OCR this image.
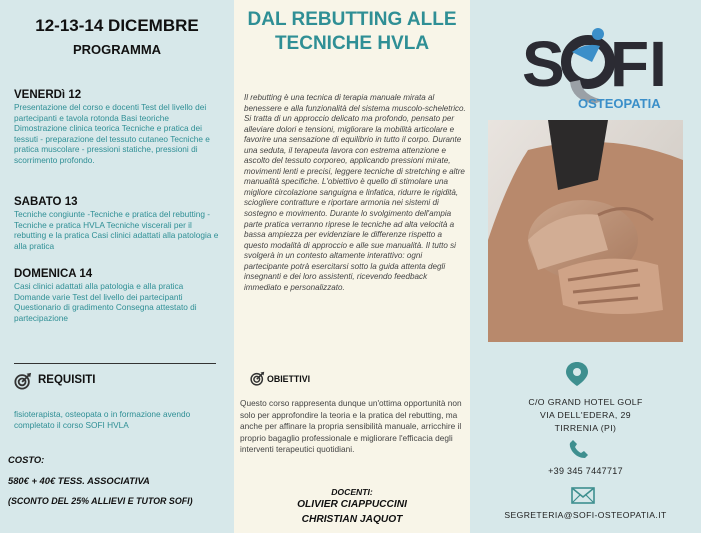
12-13-14 DICEMBRE
PROGRAMMA
VENERDì 12
Presentazione del corso e docenti Test del livello dei partecipanti e tavola rotonda Basi teoriche Dimostrazione clinica teorica Tecniche e pratica dei tessuti - preparazione del tessuto cutaneo Tecniche e pratica muscolare - pressioni statiche, pressioni di scorrimento profondo.
SABATO 13
Tecniche congiunte -Tecniche e pratica del rebutting - Tecniche e pratica HVLA Tecniche viscerali per il rebutting e la pratica Casi clinici adattati alla patologia e alla pratica
DOMENICA 14
Casi clinici adattati alla patologia e alla pratica Domande varie Test del livello dei partecipanti Questionario di gradimento Consegna attestato di partecipazione
REQUISITI
fisioterapista, osteopata o in formazione avendo completato il corso SOFI HVLA
COSTO:
580€ + 40€ TESS. ASSOCIATIVA
(SCONTO DEL 25% ALLIEVI E TUTOR SOFI)
DAL REBUTTING ALLE TECNICHE HVLA
Il rebutting è una tecnica di terapia manuale mirata al benessere e alla funzionalità del sistema muscolo-scheletrico. Si tratta di un approccio delicato ma profondo, pensato per alleviare dolori e tensioni, migliorare la mobilità articolare e favorire una sensazione di equilibrio in tutto il corpo. Durante una seduta, il terapeuta lavora con estrema attenzione e ascolto del tessuto corporeo, applicando pressioni mirate, movimenti lenti e precisi, leggere tecniche di stretching e altre manualità specifiche. L'obiettivo è quello di stimolare una migliore circolazione sanguigna e linfatica, ridurre le rigidità, sciogliere contratture e riportare armonia nei sistemi di sostegno e movimento. Durante lo svolgimento dell'ampia parte pratica verranno riprese le tecniche ad alta velocità a bassa ampiezza per evidenziare le differenze rispetto a questo modalità di approccio e alle sue manualità. Il tutto si svolgerà in un contesto altamente interattivo: ogni partecipante potrà esercitarsi sotto la guida attenta degli insegnanti e dei loro assistenti, ricevendo feedback immediato e personalizzato.
OBIETTIVI
Questo corso rappresenta dunque un'ottima opportunità non solo per approfondire la teoria e la pratica del rebutting, ma anche per affinare la propria sensibilità manuale, arricchire il proprio bagaglio professionale e migliorare l'efficacia degli interventi terapeutici quotidiani.
DOCENTI:
OLIVIER CIAPPUCCINI
CHRISTIAN JAQUOT
S FI
OSTEOPATIA
C/O GRAND HOTEL GOLF
VIA DELL'EDERA, 29
TIRRENIA (PI)
+39 345 7447717
SEGRETERIA@SOFI-OSTEOPATIA.IT
